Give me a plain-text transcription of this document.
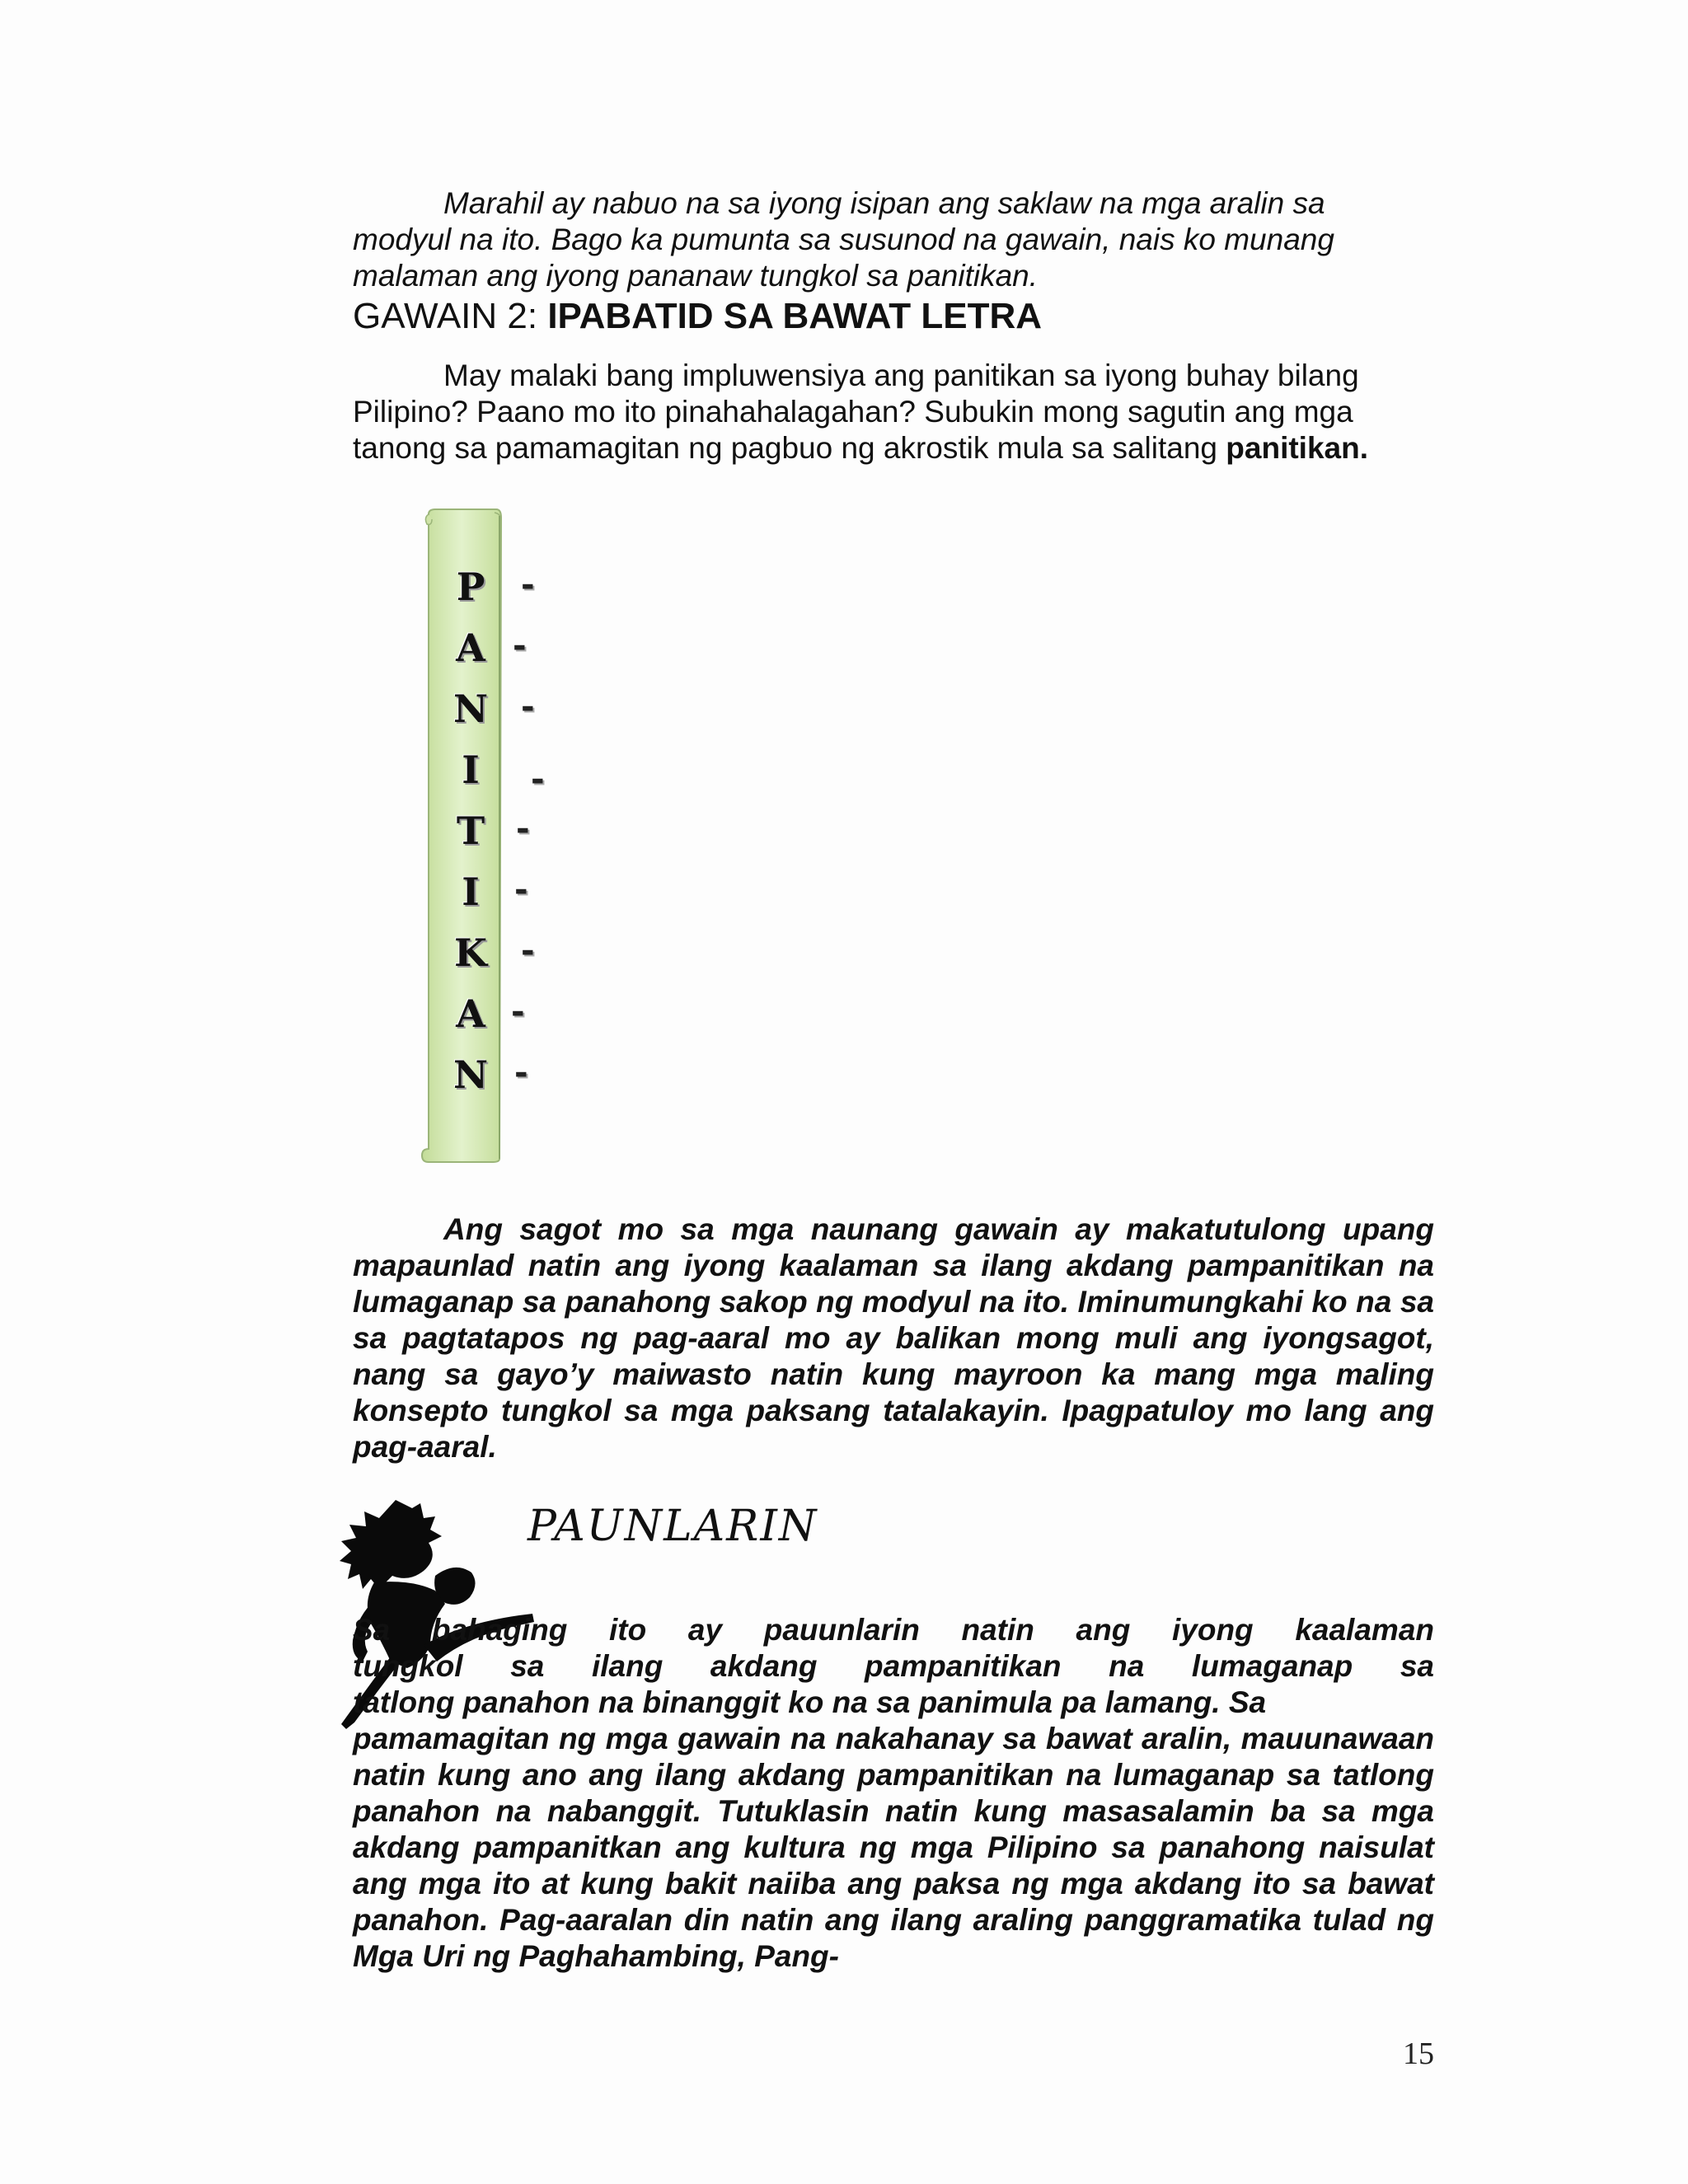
Marahil ay nabuo na sa iyong isipan ang saklaw na mga aralin sa

modyul na ito. Bago ka pumunta sa susunod na gawain, nais ko munang

malaman ang iyong pananaw tungkol sa panitikan.

GAWAIN 2: IPABATID SA BAWAT LETRA

May malaki bang impluwensiya ang panitikan sa iyong buhay bilang

Pilipino? Paano mo ito pinahahalagahan? Subukin mong sagutin ang mga

tanong sa pamamagitan ng pagbuo ng akrostik mula sa salitang panitikan.

P	-
A -
N -
I	-
T -
I	-
K	-
A -
N -

Ang sagot mo sa mga naunang gawain ay makatutulong upang mapaunlad natin ang iyong kaalaman sa ilang akdang pampanitikan na lumaganap sa panahong sakop ng modyul na ito. Iminumungkahi ko na sa sa pagtatapos ng pag-aaral mo ay balikan mong muli ang iyongsagot, nang sa gayo’y maiwasto natin kung mayroon ka mang mga maling konsepto tungkol sa mga paksang tatalakayin. Ipagpatuloy mo lang ang pag-aaral.

PAUNLARIN

Sa bahaging ito ay pauunlarin natin ang iyong kaalaman

tungkol sa ilang akdang pampanitikan na lumaganap sa

tatlong panahon na binanggit ko na sa panimula pa lamang. Sa

pamamagitan ng mga gawain na nakahanay sa bawat aralin, mauunawaan natin kung ano ang ilang akdang pampanitikan na lumaganap sa tatlong panahon na nabanggit. Tutuklasin natin kung masasalamin ba sa mga akdang pampanitkan ang kultura ng mga Pilipino sa panahong naisulat ang mga ito at kung bakit naiiba ang paksa ng mga akdang ito sa bawat panahon. Pag-aaralan din natin ang ilang araling panggramatika tulad ng Mga Uri ng Paghahambing, Pang-

15
